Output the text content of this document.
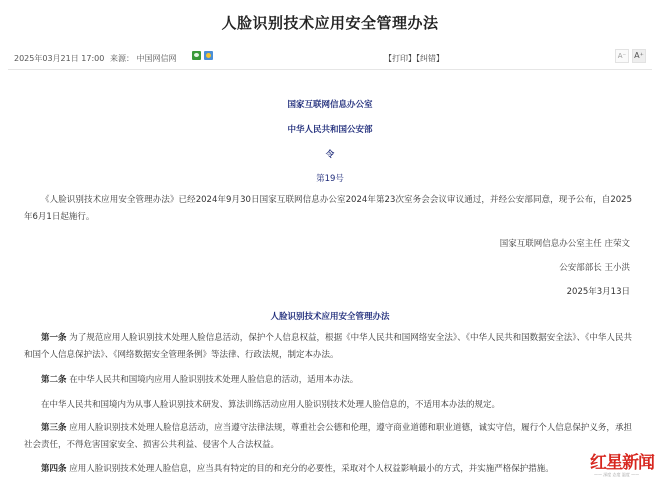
人脸识别技术应用安全管理办法
2025年03月21日 17:00 来源： 中国网信网	【打印】【纠错】	A⁻ A⁺
国家互联网信息办公室
中华人民共和国公安部
令
第19号
《人脸识别技术应用安全管理办法》已经2024年9月30日国家互联网信息办公室2024年第23次室务会会议审议通过，并经公安部同意，现予公布，自2025年6月1日起施行。
国家互联网信息办公室主任 庄荣文
公安部部长 王小洪
2025年3月13日
人脸识别技术应用安全管理办法
第一条 为了规范应用人脸识别技术处理人脸信息活动，保护个人信息权益，根据《中华人民共和国网络安全法》、《中华人民共和国数据安全法》、《中华人民共和国个人信息保护法》、《网络数据安全管理条例》等法律、行政法规，制定本办法。
第二条 在中华人民共和国境内应用人脸识别技术处理人脸信息的活动，适用本办法。
在中华人民共和国境内为从事人脸识别技术研发、算法训练活动应用人脸识别技术处理人脸信息的，不适用本办法的规定。
第三条 应用人脸识别技术处理人脸信息活动，应当遵守法律法规，尊重社会公德和伦理，遵守商业道德和职业道德，诚实守信，履行个人信息保护义务，承担社会责任，不得危害国家安全、损害公共利益、侵害个人合法权益。
第四条 应用人脸识别技术处理人脸信息，应当具有特定的目的和充分的必要性，采取对个人权益影响最小的方式，并实施严格保护措施。	红星新闻
—— 深度 态度 温度 ——
